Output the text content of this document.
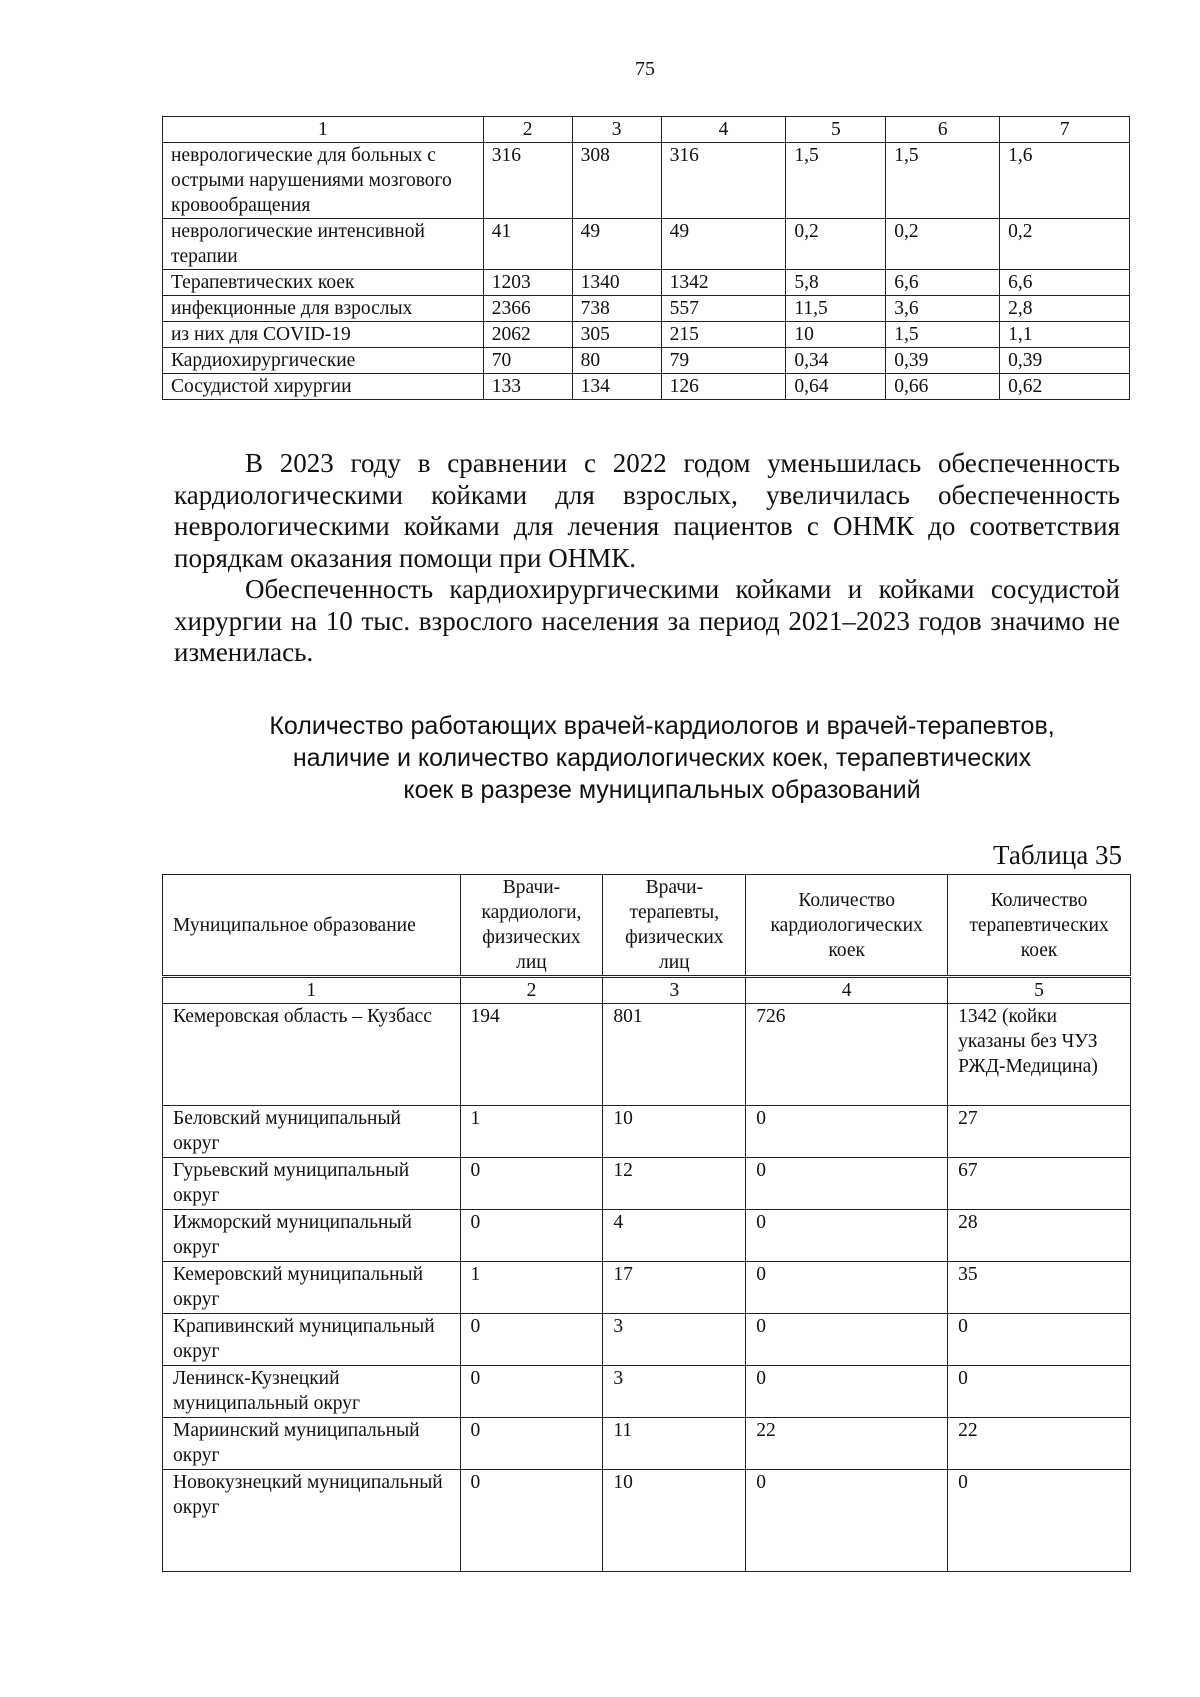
75
1	2	3	4	5	6	7
неврологические для больных с острыми нарушениями мозгового кровообращения	316	308	316	1,5	1,5	1,6
неврологические интенсивной терапии	41	49	49	0,2	0,2	0,2
Терапевтических коек	1203	1340	1342	5,8	6,6	6,6
инфекционные для взрослых	2366	738	557	11,5	3,6	2,8
из них для COVID-19	2062	305	215	10	1,5	1,1
Кардиохирургические	70	80	79	0,34	0,39	0,39
Сосудистой хирургии	133	134	126	0,64	0,66	0,62

В 2023 году в сравнении с 2022 годом уменьшилась обеспеченность кардиологическими койками для взрослых, увеличилась обеспеченность неврологическими койками для лечения пациентов с ОНМК до соответствия порядкам оказания помощи при ОНМК.

Обеспеченность кардиохирургическими койками и койками сосудистой хирургии на 10 тыс. взрослого населения за период 2021–2023 годов значимо не изменилась.

Количество работающих врачей-кардиологов и врачей-терапевтов,
наличие и количество кардиологических коек, терапевтических
коек в разрезе муниципальных образований
Таблица 35
Муниципальное образование	Врачи-кардиологи, физических лиц	Врачи-терапевты, физических лиц	Количество кардиологических коек	Количество терапевтических коек
1	2	3	4	5
Кемеровская область – Кузбасс	194	801	726	1342 (койки указаны без ЧУЗ РЖД-Медицина)
Беловский муниципальный округ	1	10	0	27
Гурьевский муниципальный округ	0	12	0	67
Ижморский муниципальный округ	0	4	0	28
Кемеровский муниципальный округ	1	17	0	35
Крапивинский муниципальный округ	0	3	0	0
Ленинск-Кузнецкий муниципальный округ	0	3	0	0
Мариинский муниципальный округ	0	11	22	22
Новокузнецкий муниципальный округ	0	10	0	0
